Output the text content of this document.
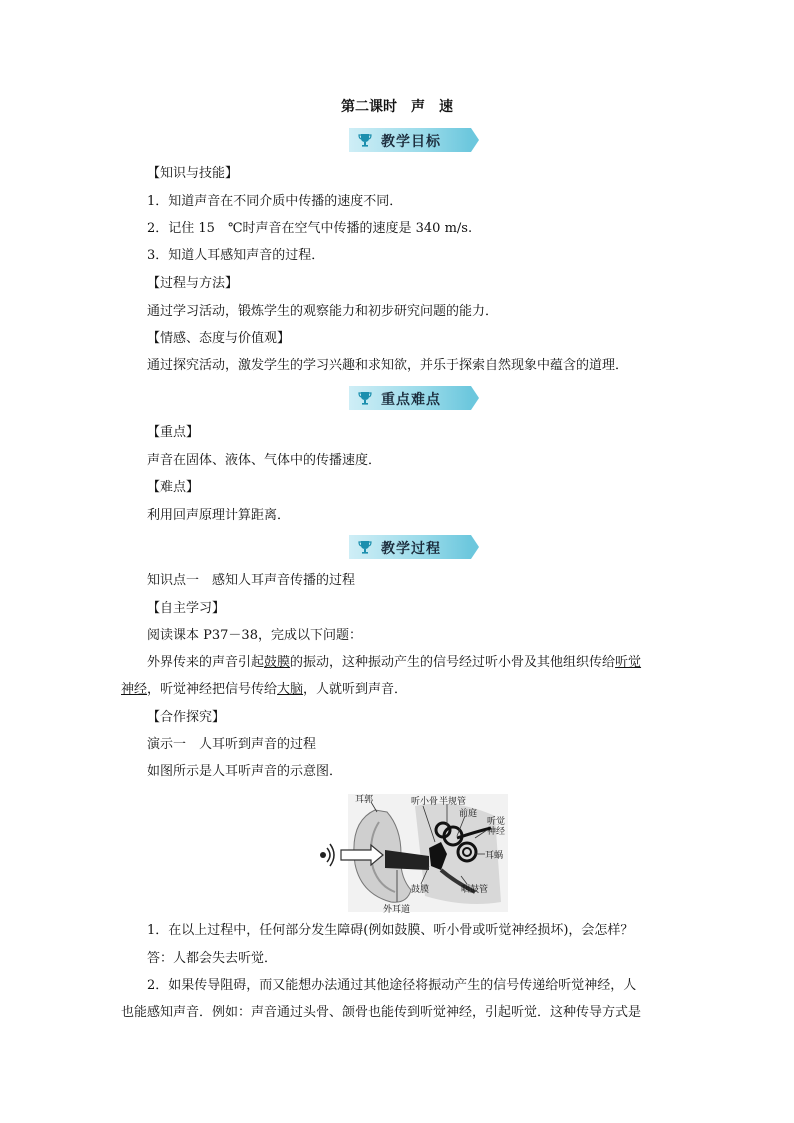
第二课时　声　速
教学目标
【知识与技能】
1．知道声音在不同介质中传播的速度不同．
2．记住 15　℃时声音在空气中传播的速度是 340 m/s.
3．知道人耳感知声音的过程．
【过程与方法】
通过学习活动，锻炼学生的观察能力和初步研究问题的能力．
【情感、态度与价值观】
通过探究活动，激发学生的学习兴趣和求知欲，并乐于探索自然现象中蕴含的道理．
重点难点
【重点】
声音在固体、液体、气体中的传播速度．
【难点】
利用回声原理计算距离．
教学过程
知识点一　感知人耳声音传播的过程
【自主学习】
阅读课本 P37－38，完成以下问题：
外界传来的声音引起鼓膜的振动，这种振动产生的信号经过听小骨及其他组织传给听觉
神经，听觉神经把信号传给大脑，人就听到声音．
【合作探究】
演示一　人耳听到声音的过程
如图所示是人耳听声音的示意图．
耳郭	听小骨 半规管
前庭
听觉
神经
耳蜗
鼓膜	咽鼓管
外耳道
1．在以上过程中，任何部分发生障碍(例如鼓膜、听小骨或听觉神经损坏)，会怎样？
答：人都会失去听觉．
2．如果传导阻碍，而又能想办法通过其他途径将振动产生的信号传递给听觉神经，人
也能感知声音．例如：声音通过头骨、颌骨也能传到听觉神经，引起听觉．这种传导方式是
